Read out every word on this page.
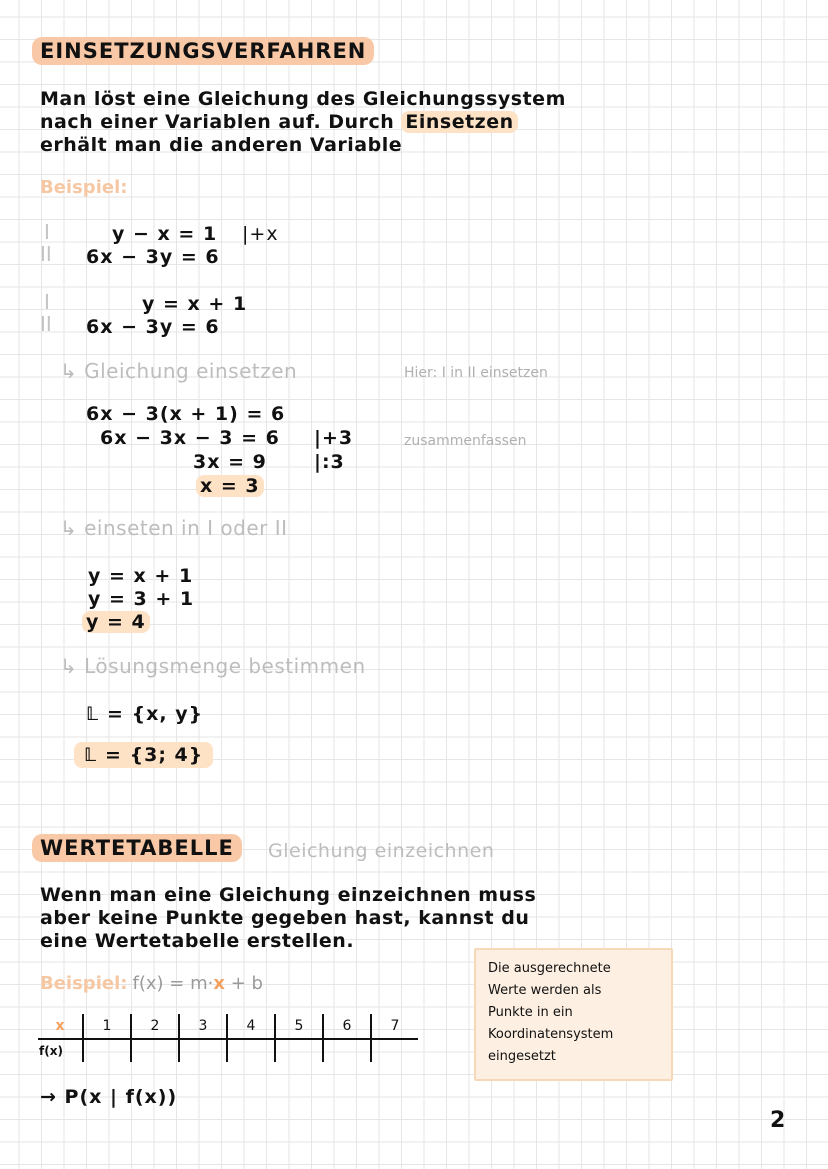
EINSETZUNGSVERFAHREN
Man löst eine Gleichung des Gleichungssystem
nach einer Variablen auf. Durch Einsetzen
erhält man die anderen Variable
Beispiel:
I
II
y − x = 1 |+x
6x − 3y = 6
I
II
y = x + 1
6x − 3y = 6
↳ Gleichung einsetzen	Hier: I in II einsetzen
6x − 3(x + 1) = 6
6x − 3x − 3 = 6
3x = 9
x = 3
|+3
|:3
zusammenfassen
↳ einseten in I oder II
y = x + 1
y = 3 + 1
y = 4
↳ Lösungsmenge bestimmen
𝕃 = {x, y}
𝕃 = {3; 4}
WERTETABELLE	Gleichung einzeichnen
Wenn man eine Gleichung einzeichnen muss
aber keine Punkte gegeben hast, kannst du
eine Wertetabelle erstellen.
Beispiel: f(x) = m·x + b
x	1	2	3	4	5	6	7
f(x)							
→ P(x | f(x))
Die ausgerechnete
Werte werden als
Punkte in ein
Koordinatensystem
eingesetzt
2
